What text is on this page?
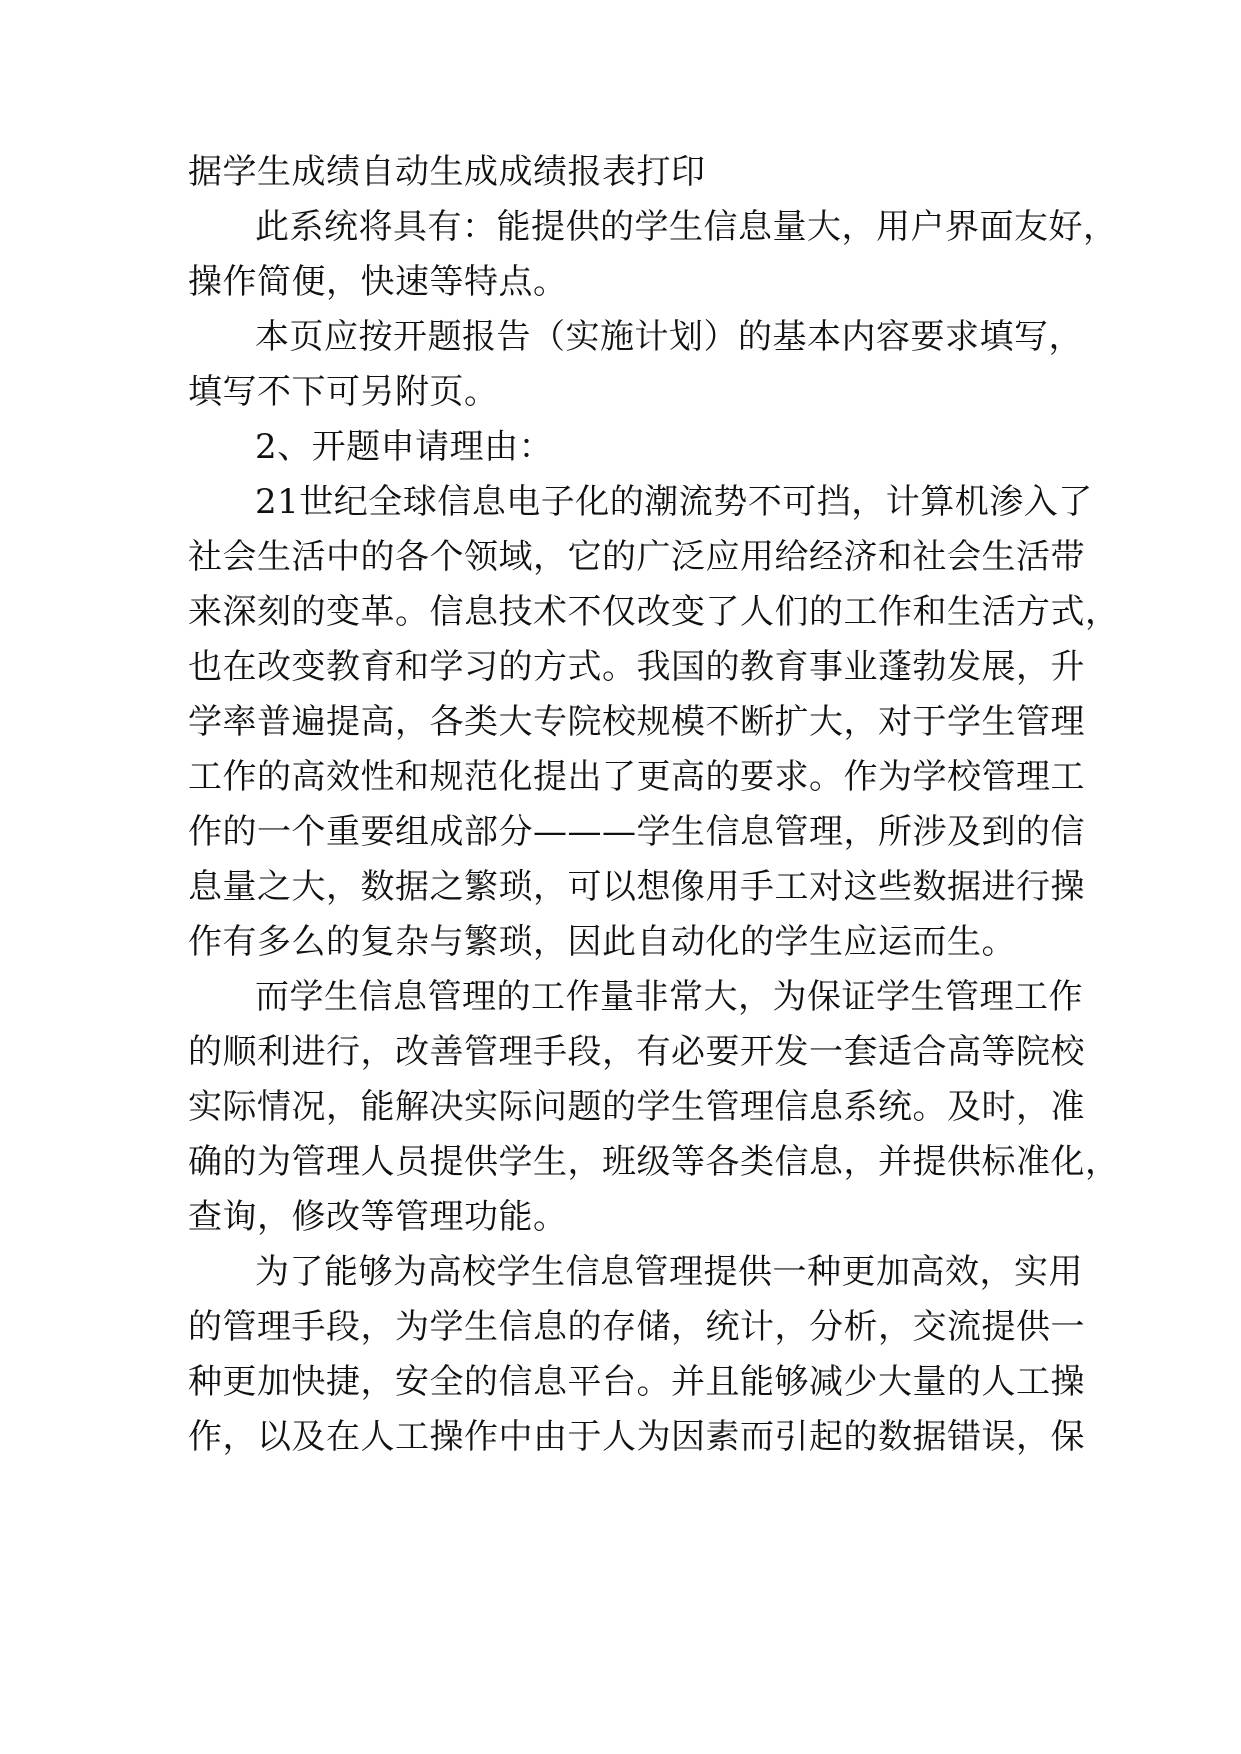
据学生成绩自动生成成绩报表打印
此系统将具有：能提供的学生信息量大，用户界面友好，
操作简便，快速等特点。
本页应按开题报告（实施计划）的基本内容要求填写，
填写不下可另附页。
2、开题申请理由：
21世纪全球信息电子化的潮流势不可挡，计算机渗入了
社会生活中的各个领域，它的广泛应用给经济和社会生活带
来深刻的变革。信息技术不仅改变了人们的工作和生活方式，
也在改变教育和学习的方式。我国的教育事业蓬勃发展，升
学率普遍提高，各类大专院校规模不断扩大，对于学生管理
工作的高效性和规范化提出了更高的要求。作为学校管理工
作的一个重要组成部分———学生信息管理，所涉及到的信
息量之大，数据之繁琐，可以想像用手工对这些数据进行操
作有多么的复杂与繁琐，因此自动化的学生应运而生。
而学生信息管理的工作量非常大，为保证学生管理工作
的顺利进行，改善管理手段，有必要开发一套适合高等院校
实际情况，能解决实际问题的学生管理信息系统。及时，准
确的为管理人员提供学生，班级等各类信息，并提供标准化，
查询，修改等管理功能。
为了能够为高校学生信息管理提供一种更加高效，实用
的管理手段，为学生信息的存储，统计，分析，交流提供一
种更加快捷，安全的信息平台。并且能够减少大量的人工操
作，以及在人工操作中由于人为因素而引起的数据错误，保
